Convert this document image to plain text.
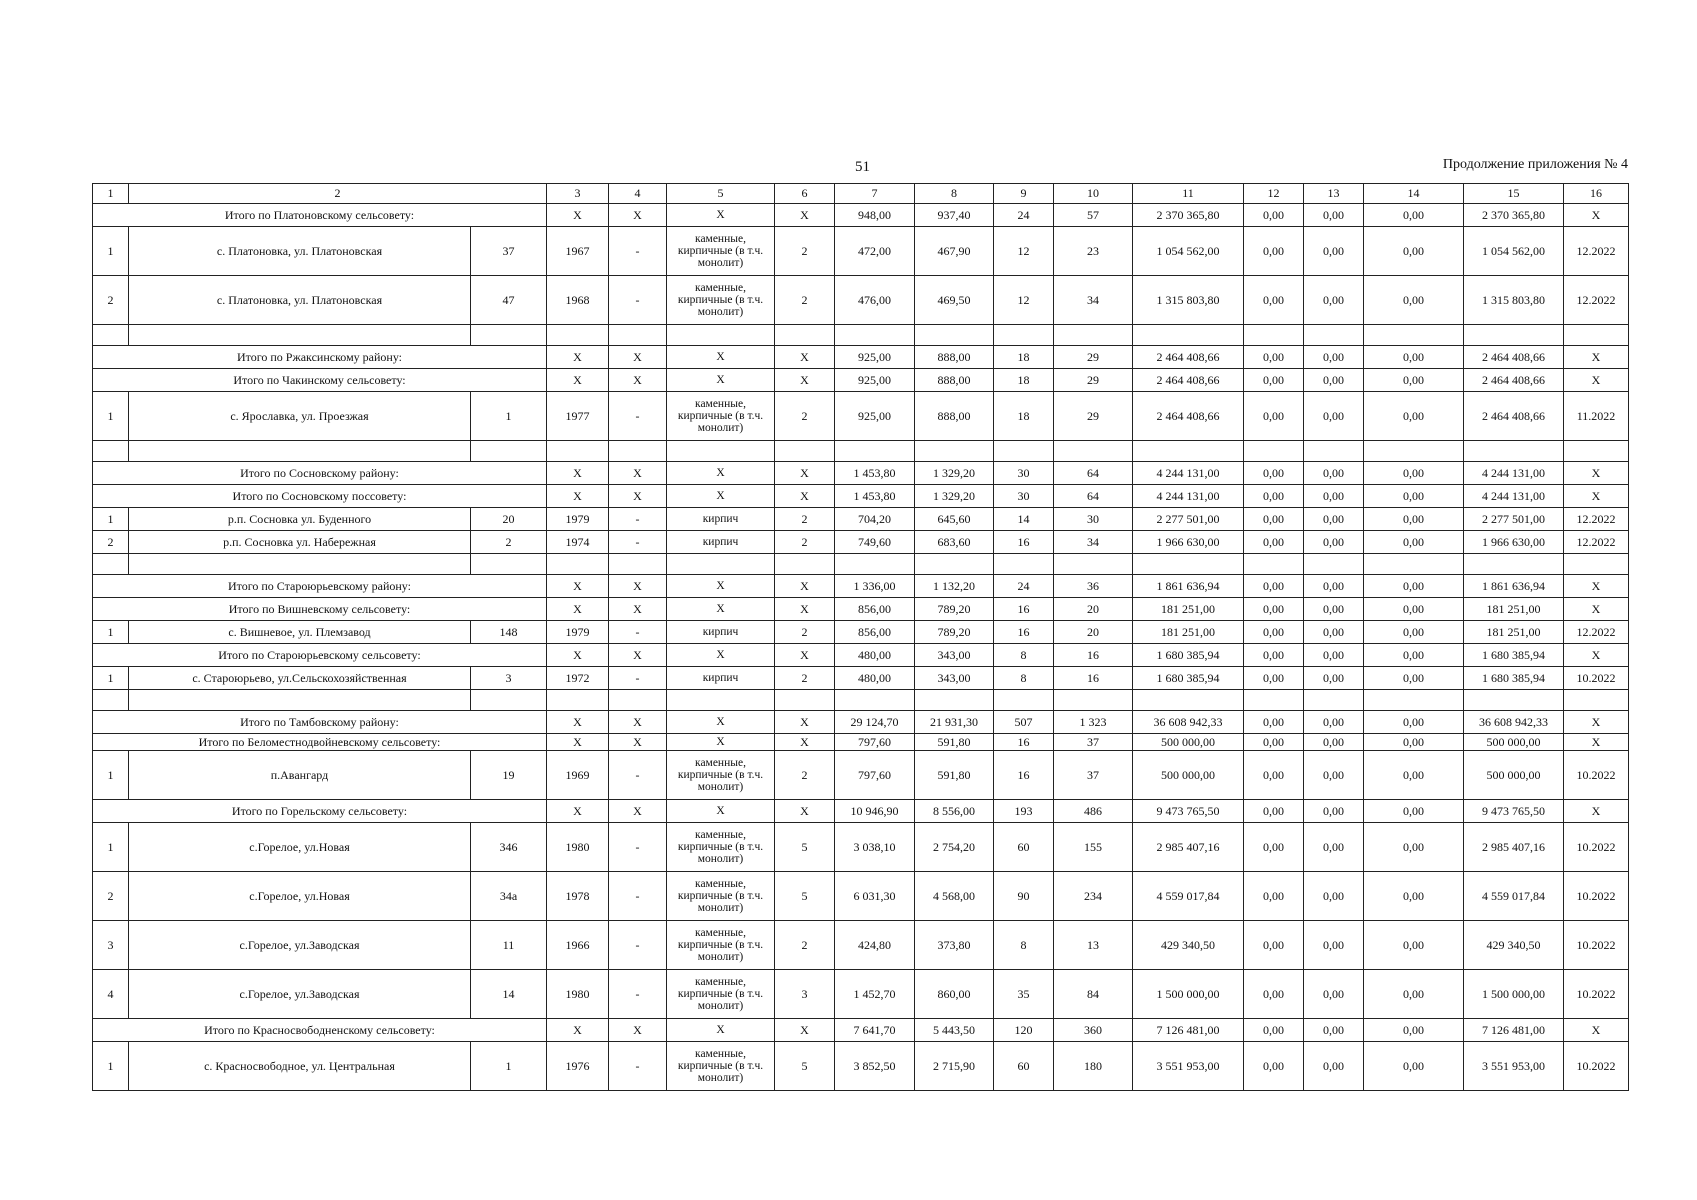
51	Продолжение приложения № 4
1	2		3	4	5	6	7	8	9	10	11	12	13	14	15	16
Итого по Платоновскому сельсовету:			X	X	X	X	948,00	937,40	24	57	2 370 365,80	0,00	0,00	0,00	2 370 365,80	X
1	с. Платоновка, ул. Платоновская	37	1967	-	каменные, кирпичные (в т.ч. монолит)	2	472,00	467,90	12	23	1 054 562,00	0,00	0,00	0,00	1 054 562,00	12.2022
2	с. Платоновка, ул. Платоновская	47	1968	-	каменные, кирпичные (в т.ч. монолит)	2	476,00	469,50	12	34	1 315 803,80	0,00	0,00	0,00	1 315 803,80	12.2022

Итого по Ржаксинскому району:			X	X	X	X	925,00	888,00	18	29	2 464 408,66	0,00	0,00	0,00	2 464 408,66	X
Итого по Чакинскому сельсовету:			X	X	X	X	925,00	888,00	18	29	2 464 408,66	0,00	0,00	0,00	2 464 408,66	X
1	с. Ярославка, ул. Проезжая	1	1977	-	каменные, кирпичные (в т.ч. монолит)	2	925,00	888,00	18	29	2 464 408,66	0,00	0,00	0,00	2 464 408,66	11.2022

Итого по Сосновскому району:			X	X	X	X	1 453,80	1 329,20	30	64	4 244 131,00	0,00	0,00	0,00	4 244 131,00	X
Итого по Сосновскому поссовету:			X	X	X	X	1 453,80	1 329,20	30	64	4 244 131,00	0,00	0,00	0,00	4 244 131,00	X
1	р.п. Сосновка ул. Буденного	20	1979	-	кирпич	2	704,20	645,60	14	30	2 277 501,00	0,00	0,00	0,00	2 277 501,00	12.2022
2	р.п. Сосновка ул. Набережная	2	1974	-	кирпич	2	749,60	683,60	16	34	1 966 630,00	0,00	0,00	0,00	1 966 630,00	12.2022

Итого по Староюрьевскому району:			X	X	X	X	1 336,00	1 132,20	24	36	1 861 636,94	0,00	0,00	0,00	1 861 636,94	X
Итого по Вишневскому сельсовету:			X	X	X	X	856,00	789,20	16	20	181 251,00	0,00	0,00	0,00	181 251,00	X
1	с. Вишневое, ул. Племзавод	148	1979	-	кирпич	2	856,00	789,20	16	20	181 251,00	0,00	0,00	0,00	181 251,00	12.2022
Итого по Староюрьевскому сельсовету:			X	X	X	X	480,00	343,00	8	16	1 680 385,94	0,00	0,00	0,00	1 680 385,94	X
1	с. Староюрьево, ул.Сельскохозяйственная	3	1972	-	кирпич	2	480,00	343,00	8	16	1 680 385,94	0,00	0,00	0,00	1 680 385,94	10.2022

Итого по Тамбовскому району:			X	X	X	X	29 124,70	21 931,30	507	1 323	36 608 942,33	0,00	0,00	0,00	36 608 942,33	X
Итого по Беломестнодвойневскому сельсовету:			X	X	X	X	797,60	591,80	16	37	500 000,00	0,00	0,00	0,00	500 000,00	X
1	п.Авангард	19	1969	-	каменные, кирпичные (в т.ч. монолит)	2	797,60	591,80	16	37	500 000,00	0,00	0,00	0,00	500 000,00	10.2022
Итого по Горельскому сельсовету:			X	X	X	X	10 946,90	8 556,00	193	486	9 473 765,50	0,00	0,00	0,00	9 473 765,50	X
1	с.Горелое, ул.Новая	346	1980	-	каменные, кирпичные (в т.ч. монолит)	5	3 038,10	2 754,20	60	155	2 985 407,16	0,00	0,00	0,00	2 985 407,16	10.2022
2	с.Горелое, ул.Новая	34а	1978	-	каменные, кирпичные (в т.ч. монолит)	5	6 031,30	4 568,00	90	234	4 559 017,84	0,00	0,00	0,00	4 559 017,84	10.2022
3	с.Горелое, ул.Заводская	11	1966	-	каменные, кирпичные (в т.ч. монолит)	2	424,80	373,80	8	13	429 340,50	0,00	0,00	0,00	429 340,50	10.2022
4	с.Горелое, ул.Заводская	14	1980	-	каменные, кирпичные (в т.ч. монолит)	3	1 452,70	860,00	35	84	1 500 000,00	0,00	0,00	0,00	1 500 000,00	10.2022
Итого по Красносвободненскому сельсовету:			X	X	X	X	7 641,70	5 443,50	120	360	7 126 481,00	0,00	0,00	0,00	7 126 481,00	X
1	с. Красносвободное, ул. Центральная	1	1976	-	каменные, кирпичные (в т.ч. монолит)	5	3 852,50	2 715,90	60	180	3 551 953,00	0,00	0,00	0,00	3 551 953,00	10.2022
